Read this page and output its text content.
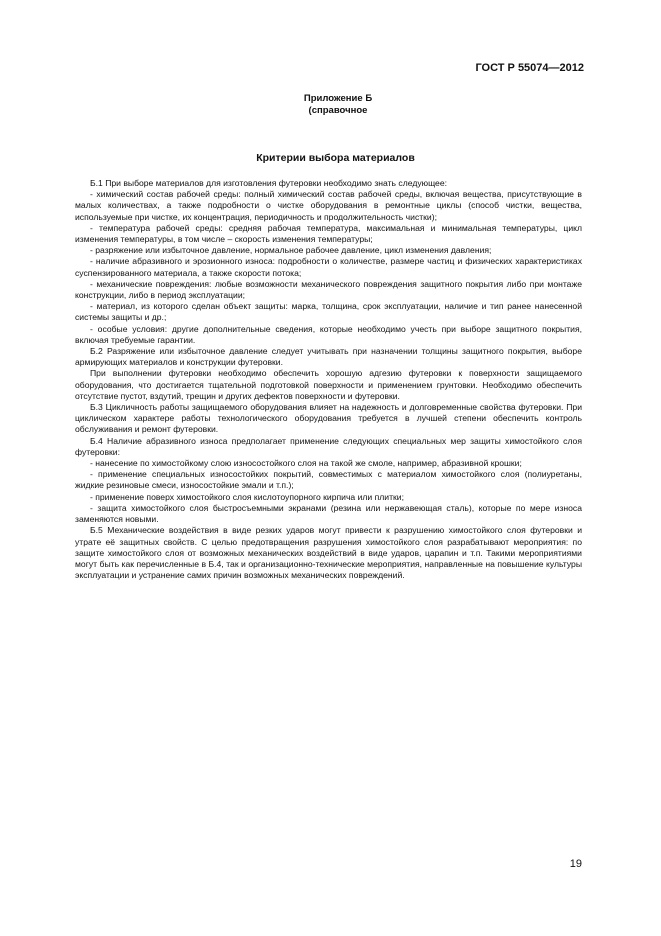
ГОСТ Р 55074—2012
Приложение Б
(справочное
Критерии выбора материалов

Б.1 При выборе материалов для изготовления футеровки необходимо знать следующее:

- химический состав рабочей среды: полный химический состав рабочей среды, включая вещества, присутствующие в малых количествах, а также подробности о чистке оборудования в ремонтные циклы (способ чистки, вещества, используемые при чистке, их концентрация, периодичность и продолжительность чистки);

- температура рабочей среды: средняя рабочая температура, максимальная и минимальная температуры, цикл изменения температуры, в том числе – скорость изменения температуры;

- разряжение или избыточное давление, нормальное рабочее давление, цикл изменения давления;

- наличие абразивного и эрозионного износа: подробности о количестве, размере частиц и физических характеристиках суспензированного материала, а также скорости потока;

- механические повреждения: любые возможности механического повреждения защитного покрытия либо при монтаже конструкции, либо в период эксплуатации;

- материал, из которого сделан объект защиты: марка, толщина, срок эксплуатации, наличие и тип ранее нанесенной системы защиты и др.;

- особые условия: другие дополнительные сведения, которые необходимо учесть при выборе защитного покрытия, включая требуемые гарантии.

Б.2 Разряжение или избыточное давление следует учитывать при назначении толщины защитного покрытия, выборе армирующих материалов и конструкции футеровки.

При выполнении футеровки необходимо обеспечить хорошую адгезию футеровки к поверхности защищаемого оборудования, что достигается тщательной подготовкой поверхности и применением грунтовки. Необходимо обеспечить отсутствие пустот, вздутий, трещин и других дефектов поверхности и футеровки.

Б.3 Цикличность работы защищаемого оборудования влияет на надежность и долговременные свойства футеровки. При циклическом характере работы технологического оборудования требуется в лучшей степени обеспечить контроль обслуживания и ремонт футеровки.

Б.4 Наличие абразивного износа предполагает применение следующих специальных мер защиты химостойкого слоя футеровки:

- нанесение по химостойкому слою износостойкого слоя на такой же смоле, например, абразивной крошки;

- применение специальных износостойких покрытий, совместимых с материалом химостойкого слоя (полиуретаны, жидкие резиновые смеси, износостойкие эмали и т.п.);

- применение поверх химостойкого слоя кислотоупорного кирпича или плитки;

- защита химостойкого слоя быстросъемными экранами (резина или нержавеющая сталь), которые по мере износа заменяются новыми.

Б.5 Механические воздействия в виде резких ударов могут привести к разрушению химостойкого слоя футеровки и утрате её защитных свойств. С целью предотвращения разрушения химостойкого слоя разрабатывают мероприятия: по защите химостойкого слоя от возможных механических воздействий в виде ударов, царапин и т.п. Такими мероприятиями могут быть как перечисленные в Б.4, так и организационно-технические мероприятия, направленные на повышение культуры эксплуатации и устранение самих причин возможных механических повреждений.

19
